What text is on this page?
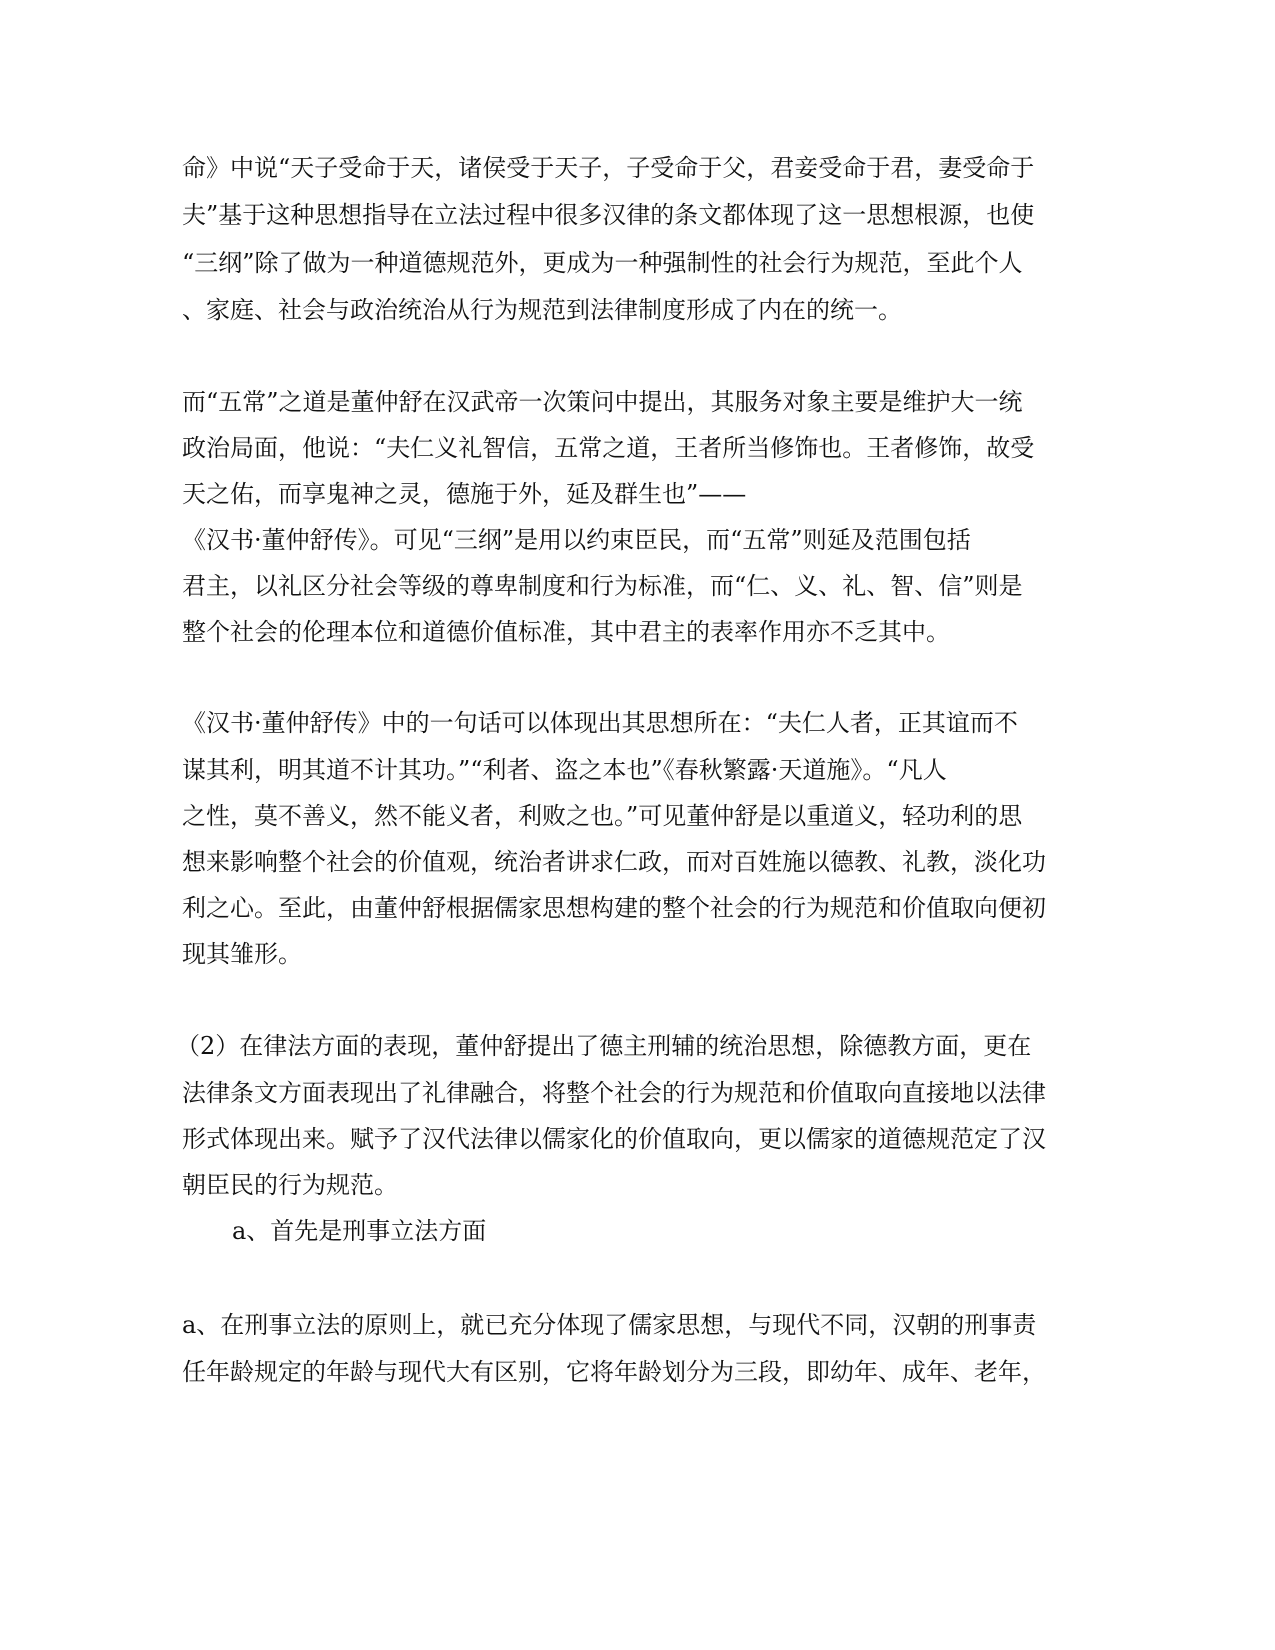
命》中说“天子受命于天，诸侯受于天子，子受命于父，君妾受命于君，妻受命于
夫”基于这种思想指导在立法过程中很多汉律的条文都体现了这一思想根源，也使
“三纲”除了做为一种道德规范外，更成为一种强制性的社会行为规范，至此个人
、家庭、社会与政治统治从行为规范到法律制度形成了内在的统一。
而“五常”之道是董仲舒在汉武帝一次策问中提出，其服务对象主要是维护大一统
政治局面，他说：“夫仁义礼智信，五常之道，王者所当修饰也。王者修饰，故受
天之佑，而享鬼神之灵，德施于外，延及群生也”——
《汉书·董仲舒传》。可见“三纲”是用以约束臣民，而“五常”则延及范围包括
君主，以礼区分社会等级的尊卑制度和行为标准，而“仁、义、礼、智、信”则是
整个社会的伦理本位和道德价值标准，其中君主的表率作用亦不乏其中。
《汉书·董仲舒传》中的一句话可以体现出其思想所在：“夫仁人者，正其谊而不
谋其利，明其道不计其功。”“利者、盗之本也”《春秋繁露·天道施》。“凡人
之性，莫不善义，然不能义者，利败之也。”可见董仲舒是以重道义，轻功利的思
想来影响整个社会的价值观，统治者讲求仁政，而对百姓施以德教、礼教，淡化功
利之心。至此，由董仲舒根据儒家思想构建的整个社会的行为规范和价值取向便初
现其雏形。
（2）在律法方面的表现，董仲舒提出了德主刑辅的统治思想，除德教方面，更在
法律条文方面表现出了礼律融合，将整个社会的行为规范和价值取向直接地以法律
形式体现出来。赋予了汉代法律以儒家化的价值取向，更以儒家的道德规范定了汉
朝臣民的行为规范。
a、首先是刑事立法方面
a、在刑事立法的原则上，就已充分体现了儒家思想，与现代不同，汉朝的刑事责
任年龄规定的年龄与现代大有区别，它将年龄划分为三段，即幼年、成年、老年，
